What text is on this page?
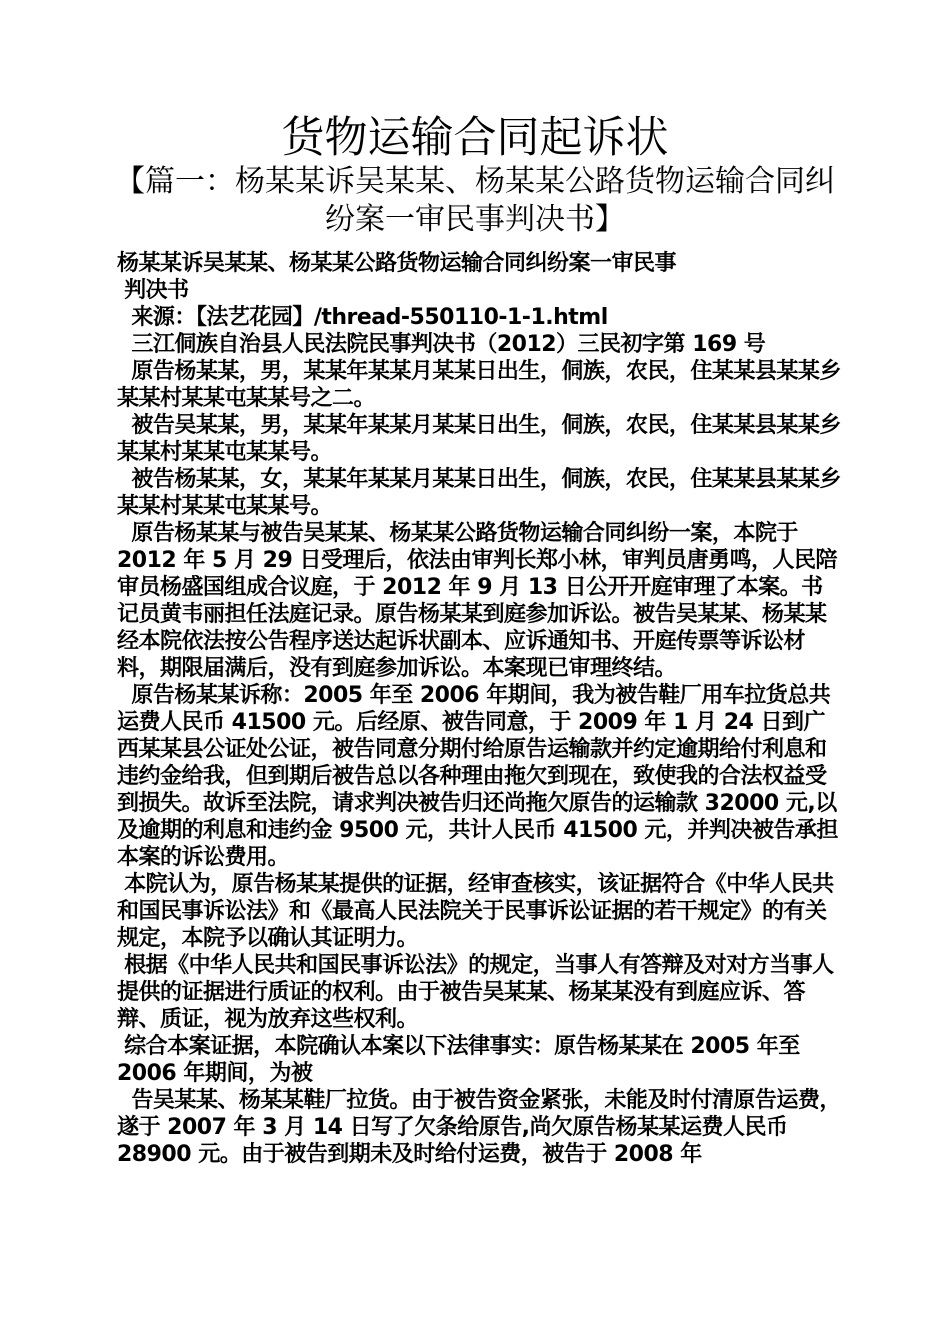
货物运输合同起诉状
【篇一：杨某某诉吴某某、杨某某公路货物运输合同纠纷案一审民事判决书】

杨某某诉吴某某、杨某某公路货物运输合同纠纷案一审民事

判决书

来源：【法艺花园】/thread-550110-1-1.html

三江侗族自治县人民法院民事判决书（2012）三民初字第 169 号

原告杨某某，男，某某年某某月某某日出生，侗族，农民，住某某县某某乡某某村某某屯某某号之二。

被告吴某某，男，某某年某某月某某日出生，侗族，农民，住某某县某某乡某某村某某屯某某号。

被告杨某某，女，某某年某某月某某日出生，侗族，农民，住某某县某某乡某某村某某屯某某号。

原告杨某某与被告吴某某、杨某某公路货物运输合同纠纷一案，本院于 2012 年 5 月 29 日受理后，依法由审判长郑小林，审判员唐勇鸣，人民陪审员杨盛国组成合议庭，于 2012 年 9 月 13 日公开开庭审理了本案。书记员黄韦丽担任法庭记录。原告杨某某到庭参加诉讼。被告吴某某、杨某某经本院依法按公告程序送达起诉状副本、应诉通知书、开庭传票等诉讼材料，期限届满后，没有到庭参加诉讼。本案现已审理终结。

原告杨某某诉称：2005 年至 2006 年期间，我为被告鞋厂用车拉货总共运费人民币 41500 元。后经原、被告同意，于 2009 年 1 月 24 日到广西某某县公证处公证，被告同意分期付给原告运输款并约定逾期给付利息和违约金给我，但到期后被告总以各种理由拖欠到现在，致使我的合法权益受到损失。故诉至法院，请求判决被告归还尚拖欠原告的运输款 32000 元,以及逾期的利息和违约金 9500 元，共计人民币 41500 元，并判决被告承担本案的诉讼费用。

本院认为，原告杨某某提供的证据，经审查核实，该证据符合《中华人民共和国民事诉讼法》和《最高人民法院关于民事诉讼证据的若干规定》的有关规定，本院予以确认其证明力。

根据《中华人民共和国民事诉讼法》的规定，当事人有答辩及对对方当事人提供的证据进行质证的权利。由于被告吴某某、杨某某没有到庭应诉、答辩、质证，视为放弃这些权利。

综合本案证据，本院确认本案以下法律事实：原告杨某某在 2005 年至 2006 年期间，为被

告吴某某、杨某某鞋厂拉货。由于被告资金紧张，未能及时付清原告运费，遂于 2007 年 3 月 14 日写了欠条给原告,尚欠原告杨某某运费人民币 28900 元。由于被告到期未及时给付运费，被告于 2008 年
